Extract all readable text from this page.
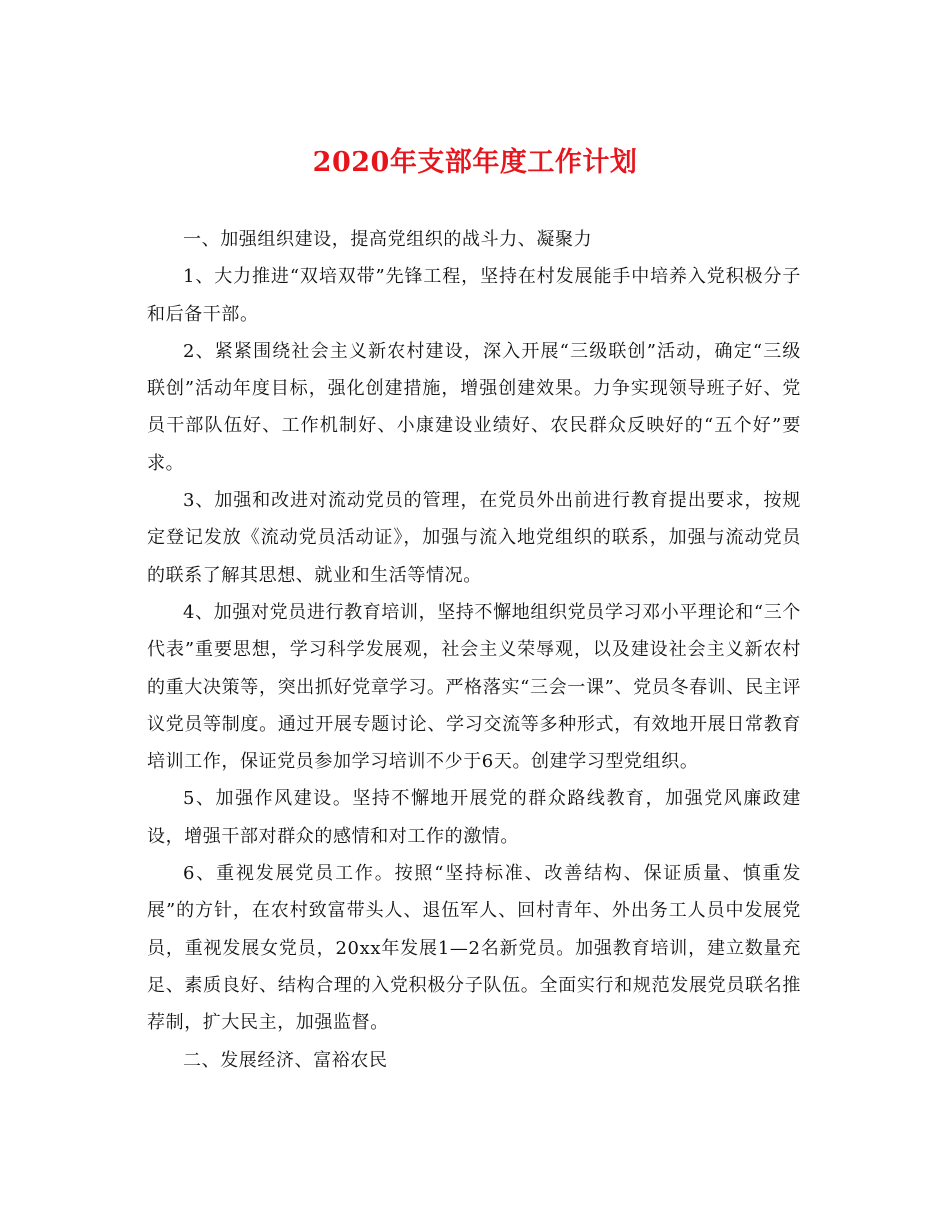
2020年支部年度工作计划

一、加强组织建设，提高党组织的战斗力、凝聚力

1、大力推进“双培双带”先锋工程，坚持在村发展能手中培养入党积极分子和后备干部。

2、紧紧围绕社会主义新农村建设，深入开展“三级联创”活动，确定“三级联创”活动年度目标，强化创建措施，增强创建效果。力争实现领导班子好、党员干部队伍好、工作机制好、小康建设业绩好、农民群众反映好的“五个好”要求。

3、加强和改进对流动党员的管理，在党员外出前进行教育提出要求，按规定登记发放《流动党员活动证》，加强与流入地党组织的联系，加强与流动党员的联系了解其思想、就业和生活等情况。

4、加强对党员进行教育培训，坚持不懈地组织党员学习邓小平理论和“三个代表”重要思想，学习科学发展观，社会主义荣辱观，以及建设社会主义新农村的重大决策等，突出抓好党章学习。严格落实“三会一课”、党员冬春训、民主评议党员等制度。通过开展专题讨论、学习交流等多种形式，有效地开展日常教育培训工作，保证党员参加学习培训不少于6天。创建学习型党组织。

5、加强作风建设。坚持不懈地开展党的群众路线教育，加强党风廉政建设，增强干部对群众的感情和对工作的激情。

6、重视发展党员工作。按照“坚持标准、改善结构、保证质量、慎重发展”的方针，在农村致富带头人、退伍军人、回村青年、外出务工人员中发展党员，重视发展女党员，20xx年发展1—2名新党员。加强教育培训，建立数量充足、素质良好、结构合理的入党积极分子队伍。全面实行和规范发展党员联名推荐制，扩大民主，加强监督。

二、发展经济、富裕农民
